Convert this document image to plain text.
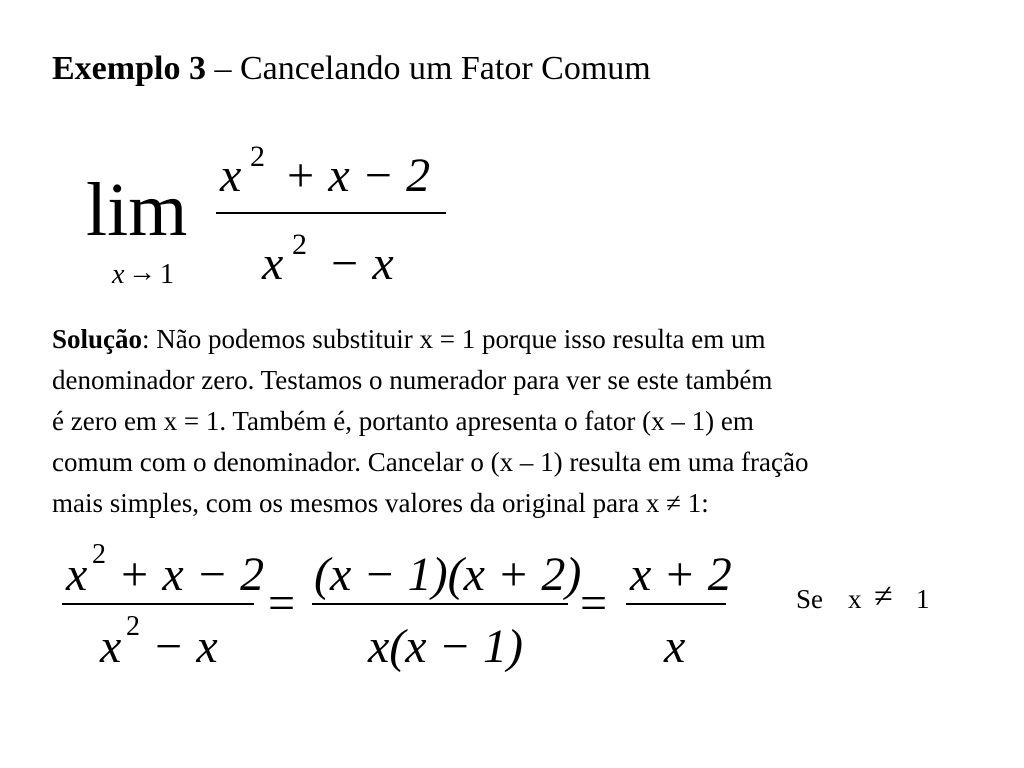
Exemplo 3 – Cancelando um Fator Comum
lim
x → 1
x 2 + x − 2
x 2 − x
Solução: Não podemos substituir x = 1 porque isso resulta em um
denominador zero. Testamos o numerador para ver se este também
é zero em x = 1. Também é, portanto apresenta o fator (x – 1) em
comum com o denominador. Cancelar o (x – 1) resulta em uma fração
mais simples, com os mesmos valores da original para x ≠ 1:
x 2 + x − 2
x 2 − x
=
(x − 1)(x + 2)
x(x − 1)
=
x + 2
x
Se x ≠ 1
